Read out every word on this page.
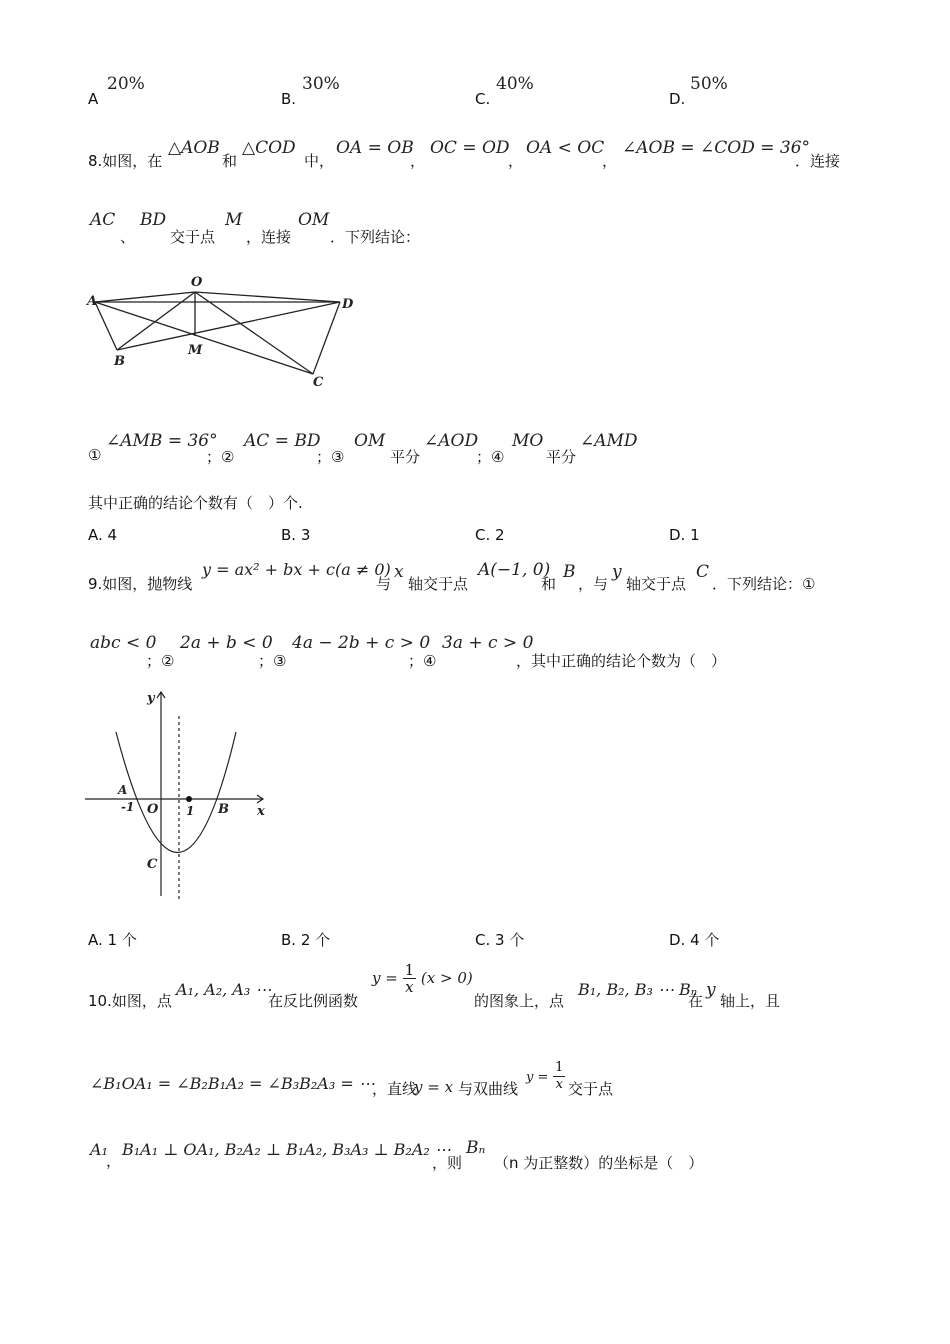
A
20%
B.
30%
C.
40%
D.
50%
8.如图，在
△AOB
和
△COD
中，
OA = OB
，
OC = OD
，
OA < OC
，
∠AOB = ∠COD = 36°
．连接
AC
、
BD
交于点
M
，连接
OM
．下列结论：
A
O
D
B
M
C
①
∠AMB = 36°
；②
AC = BD
；③
OM
平分
∠AOD
；④
MO
平分
∠AMD
其中正确的结论个数有（　）个.
A. 4	B. 3	C. 2	D. 1
9.如图，抛物线
y = ax² + bx + c(a ≠ 0)
与
x
轴交于点
A(−1, 0)
和
B
，与
y
轴交于点
C
．下列结论：①
abc < 0
；②
2a + b < 0
；③
4a − 2b + c > 0
；④
3a + c > 0
，其中正确的结论个数为（　）
y
x
A
-1 O 1 B
C
A. 1 个	B. 2 个	C. 3 个	D. 4 个
10.如图，点
A₁, A₂, A₃ ⋯
在反比例函数
$y = \frac{1}{x} (x > 0)$
的图象上，点
B₁, B₂, B₃ ⋯ Bₙ
在
y
轴上，且
∠B₁OA₁ = ∠B₂B₁A₂ = ∠B₃B₂A₃ = ⋯
，直线
y = x 与双曲线
$y = \frac{1}{x}$ 交于点
A₁
，
B₁A₁ ⊥ OA₁, B₂A₂ ⊥ B₁A₂, B₃A₃ ⊥ B₂A₂ ⋯
，则
Bₙ
（n 为正整数）的坐标是（　）
